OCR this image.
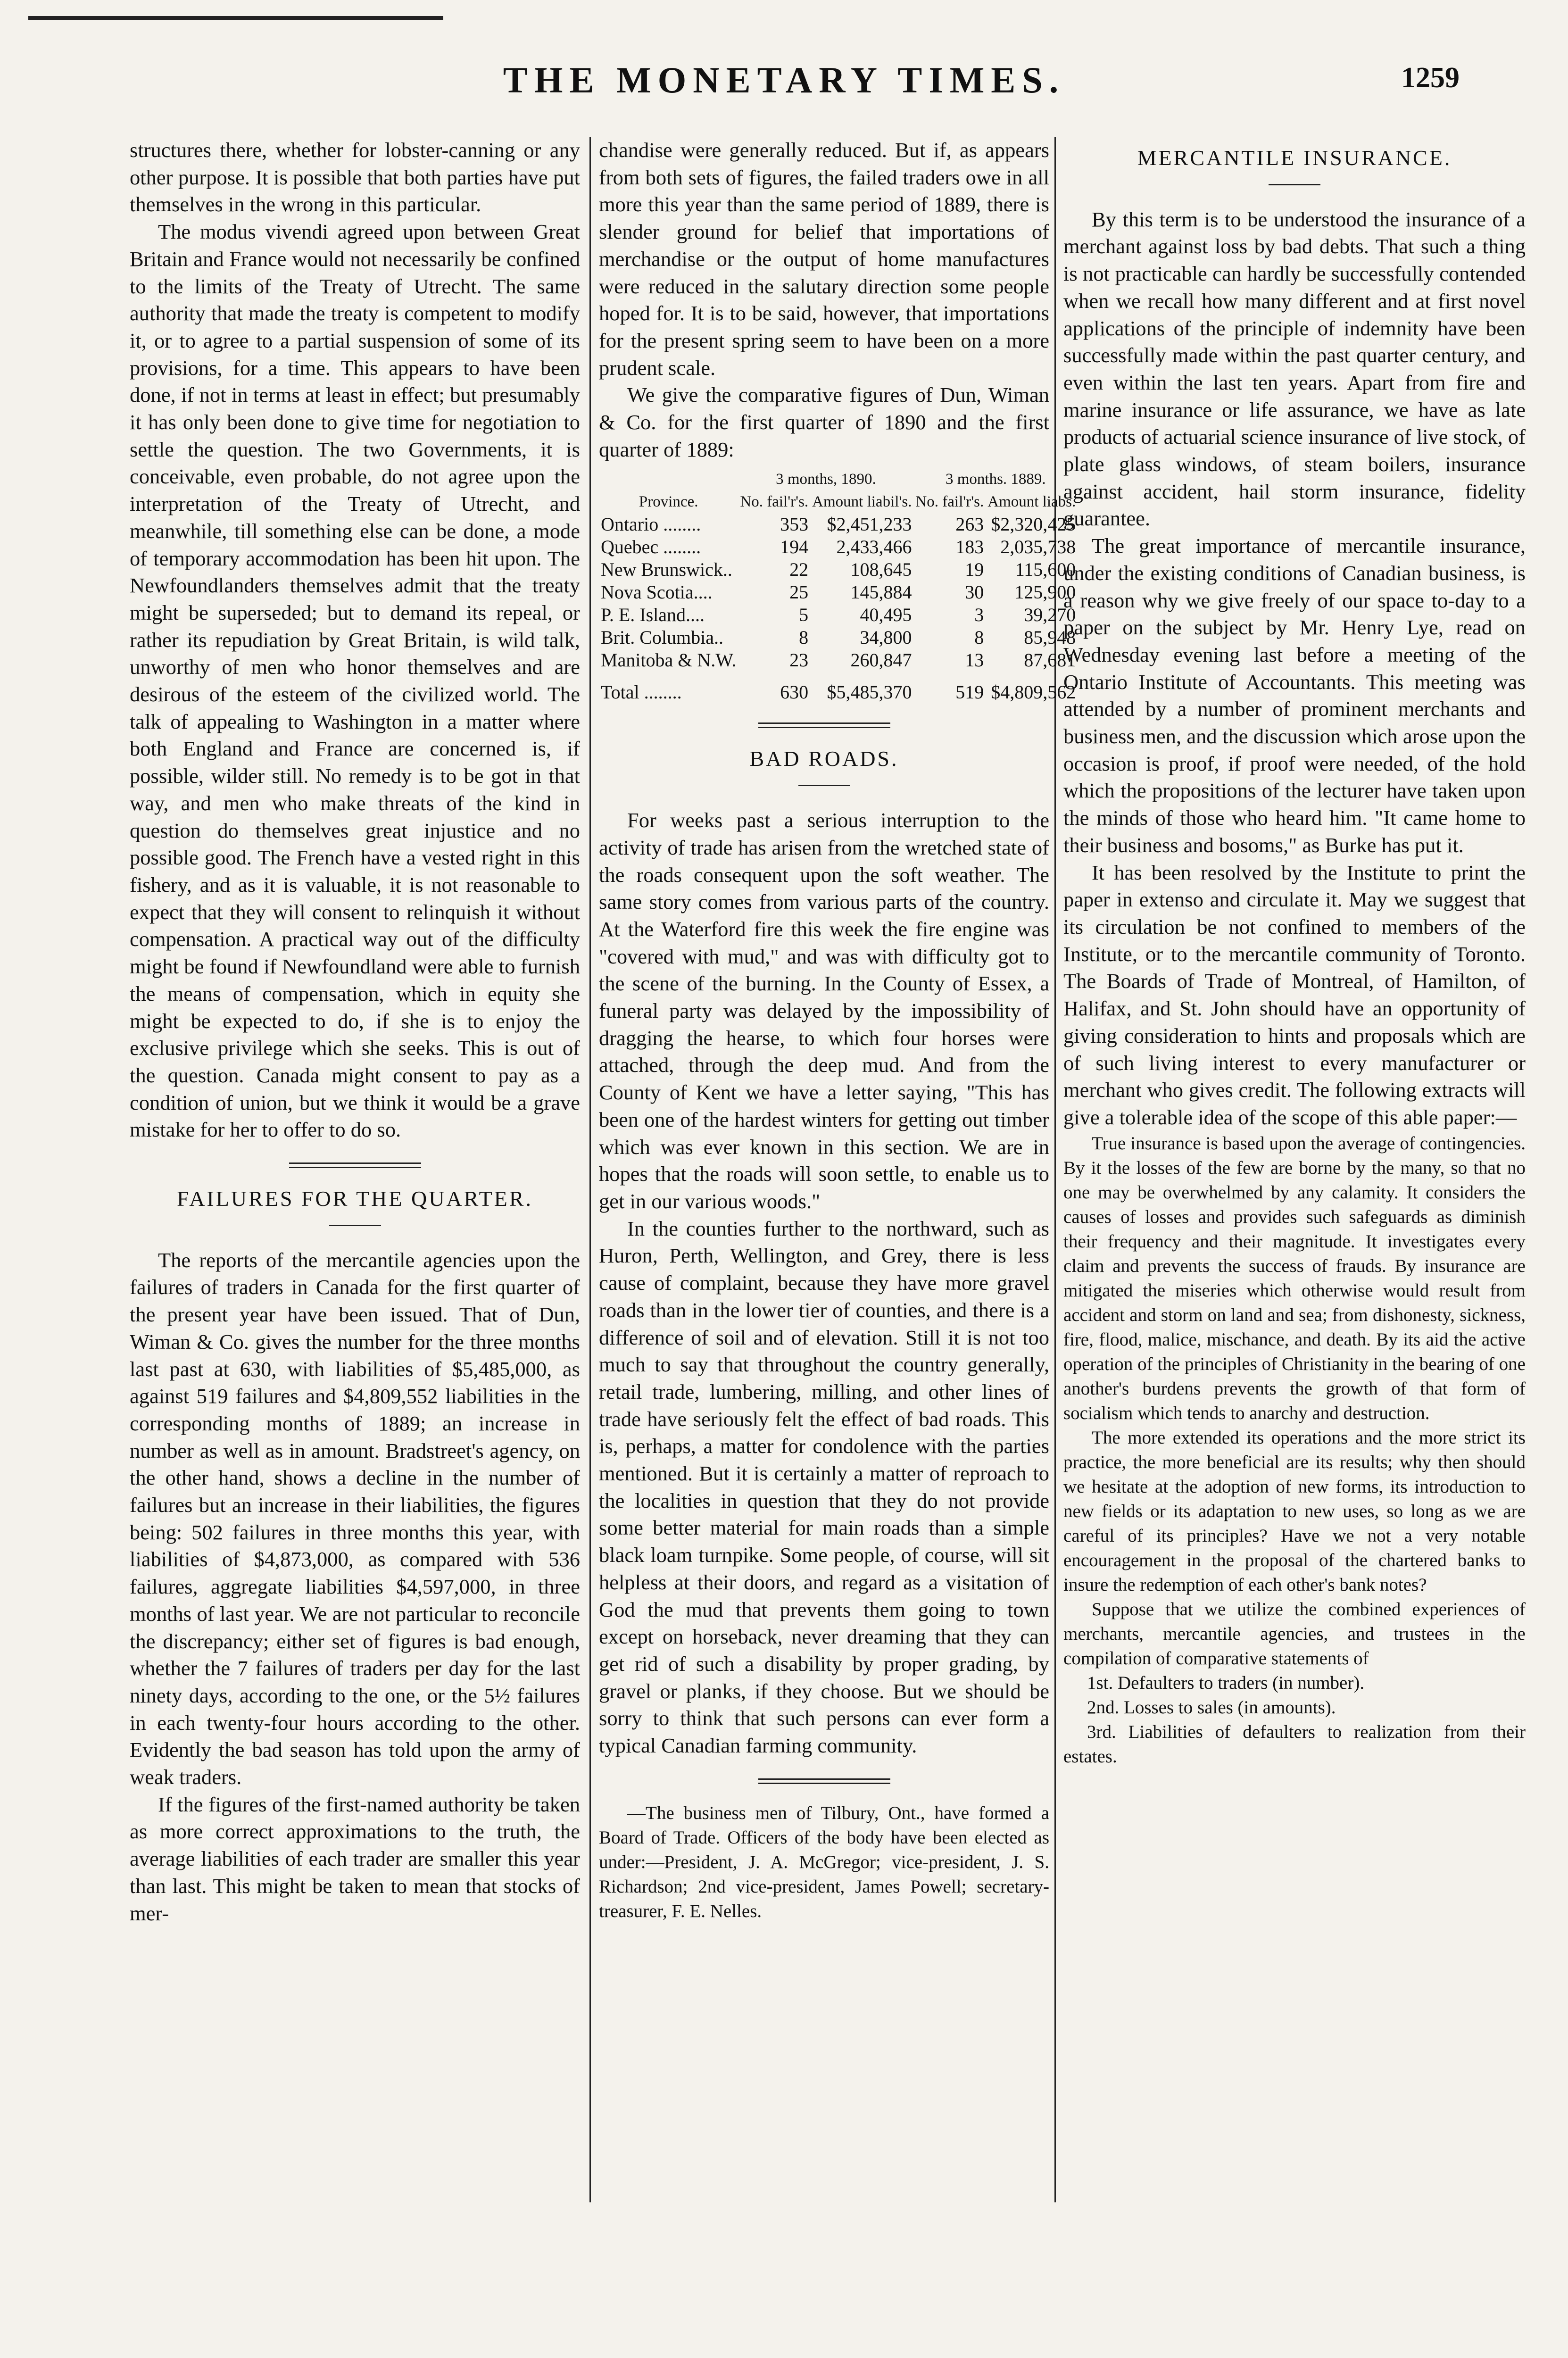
THE MONETARY TIMES.	1259

structures there, whether for lobster-canning or any other purpose. It is possible that both parties have put themselves in the wrong in this particular.

The modus vivendi agreed upon between Great Britain and France would not necessarily be confined to the limits of the Treaty of Utrecht. The same authority that made the treaty is competent to modify it, or to agree to a partial suspension of some of its provisions, for a time. This appears to have been done, if not in terms at least in effect; but presumably it has only been done to give time for negotiation to settle the question. The two Governments, it is conceivable, even probable, do not agree upon the interpretation of the Treaty of Utrecht, and meanwhile, till something else can be done, a mode of temporary accommodation has been hit upon. The Newfoundlanders themselves admit that the treaty might be superseded; but to demand its repeal, or rather its repudiation by Great Britain, is wild talk, unworthy of men who honor themselves and are desirous of the esteem of the civilized world. The talk of appealing to Washington in a matter where both England and France are concerned is, if possible, wilder still. No remedy is to be got in that way, and men who make threats of the kind in question do themselves great injustice and no possible good. The French have a vested right in this fishery, and as it is valuable, it is not reasonable to expect that they will consent to relinquish it without compensation. A practical way out of the difficulty might be found if Newfoundland were able to furnish the means of compensation, which in equity she might be expected to do, if she is to enjoy the exclusive privilege which she seeks. This is out of the question. Canada might consent to pay as a condition of union, but we think it would be a grave mistake for her to offer to do so.

FAILURES FOR THE QUARTER.

The reports of the mercantile agencies upon the failures of traders in Canada for the first quarter of the present year have been issued. That of Dun, Wiman & Co. gives the number for the three months last past at 630, with liabilities of $5,485,000, as against 519 failures and $4,809,552 liabilities in the corresponding months of 1889; an increase in number as well as in amount. Bradstreet's agency, on the other hand, shows a decline in the number of failures but an increase in their liabilities, the figures being: 502 failures in three months this year, with liabilities of $4,873,000, as compared with 536 failures, aggregate liabilities $4,597,000, in three months of last year. We are not particular to reconcile the discrepancy; either set of figures is bad enough, whether the 7 failures of traders per day for the last ninety days, according to the one, or the 5½ failures in each twenty-four hours according to the other. Evidently the bad season has told upon the army of weak traders.

If the figures of the first-named authority be taken as more correct approximations to the truth, the average liabilities of each trader are smaller this year than last. This might be taken to mean that stocks of mer-

chandise were generally reduced. But if, as appears from both sets of figures, the failed traders owe in all more this year than the same period of 1889, there is slender ground for belief that importations of merchandise or the output of home manufactures were reduced in the salutary direction some people hoped for. It is to be said, however, that importations for the present spring seem to have been on a more prudent scale.

We give the comparative figures of Dun, Wiman & Co. for the first quarter of 1890 and the first quarter of 1889:

	3 months, 1890.		3 months. 1889.	
Province.	No. fail'r's.	Amount liabil's.	No. fail'r's.	Amount liabs.
Ontario ........	353	$2,451,233	263	$2,320,425
Quebec ........	194	2,433,466	183	2,035,738
New Brunswick..	22	108,645	19	115,600
Nova Scotia....	25	145,884	30	125,900
P. E. Island....	5	40,495	3	39,270
Brit. Columbia..	8	34,800	8	85,948
Manitoba & N.W.	23	260,847	13	87,681
Total ........	630	$5,485,370	519	$4,809,562

BAD ROADS.

For weeks past a serious interruption to the activity of trade has arisen from the wretched state of the roads consequent upon the soft weather. The same story comes from various parts of the country. At the Waterford fire this week the fire engine was "covered with mud," and was with difficulty got to the scene of the burning. In the County of Essex, a funeral party was delayed by the impossibility of dragging the hearse, to which four horses were attached, through the deep mud. And from the County of Kent we have a letter saying, "This has been one of the hardest winters for getting out timber which was ever known in this section. We are in hopes that the roads will soon settle, to enable us to get in our various woods."

In the counties further to the northward, such as Huron, Perth, Wellington, and Grey, there is less cause of complaint, because they have more gravel roads than in the lower tier of counties, and there is a difference of soil and of elevation. Still it is not too much to say that throughout the country generally, retail trade, lumbering, milling, and other lines of trade have seriously felt the effect of bad roads. This is, perhaps, a matter for condolence with the parties mentioned. But it is certainly a matter of reproach to the localities in question that they do not provide some better material for main roads than a simple black loam turnpike. Some people, of course, will sit helpless at their doors, and regard as a visitation of God the mud that prevents them going to town except on horseback, never dreaming that they can get rid of such a disability by proper grading, by gravel or planks, if they choose. But we should be sorry to think that such persons can ever form a typical Canadian farming community.

—The business men of Tilbury, Ont., have formed a Board of Trade. Officers of the body have been elected as under:—President, J. A. McGregor; vice-president, J. S. Richardson; 2nd vice-president, James Powell; secretary-treasurer, F. E. Nelles.

MERCANTILE INSURANCE.

By this term is to be understood the insurance of a merchant against loss by bad debts. That such a thing is not practicable can hardly be successfully contended when we recall how many different and at first novel applications of the principle of indemnity have been successfully made within the past quarter century, and even within the last ten years. Apart from fire and marine insurance or life assurance, we have as late products of actuarial science insurance of live stock, of plate glass windows, of steam boilers, insurance against accident, hail storm insurance, fidelity guarantee.

The great importance of mercantile insurance, under the existing conditions of Canadian business, is a reason why we give freely of our space to-day to a paper on the subject by Mr. Henry Lye, read on Wednesday evening last before a meeting of the Ontario Institute of Accountants. This meeting was attended by a number of prominent merchants and business men, and the discussion which arose upon the occasion is proof, if proof were needed, of the hold which the propositions of the lecturer have taken upon the minds of those who heard him. "It came home to their business and bosoms," as Burke has put it.

It has been resolved by the Institute to print the paper in extenso and circulate it. May we suggest that its circulation be not confined to members of the Institute, or to the mercantile community of Toronto. The Boards of Trade of Montreal, of Hamilton, of Halifax, and St. John should have an opportunity of giving consideration to hints and proposals which are of such living interest to every manufacturer or merchant who gives credit. The following extracts will give a tolerable idea of the scope of this able paper:—

True insurance is based upon the average of contingencies. By it the losses of the few are borne by the many, so that no one may be overwhelmed by any calamity. It considers the causes of losses and provides such safeguards as diminish their frequency and their magnitude. It investigates every claim and prevents the success of frauds. By insurance are mitigated the miseries which otherwise would result from accident and storm on land and sea; from dishonesty, sickness, fire, flood, malice, mischance, and death. By its aid the active operation of the principles of Christianity in the bearing of one another's burdens prevents the growth of that form of socialism which tends to anarchy and destruction.

The more extended its operations and the more strict its practice, the more beneficial are its results; why then should we hesitate at the adoption of new forms, its introduction to new fields or its adaptation to new uses, so long as we are careful of its principles? Have we not a very notable encouragement in the proposal of the chartered banks to insure the redemption of each other's bank notes?

Suppose that we utilize the combined experiences of merchants, mercantile agencies, and trustees in the compilation of comparative statements of

1st. Defaulters to traders (in number).

2nd. Losses to sales (in amounts).

3rd. Liabilities of defaulters to realization from their estates.
